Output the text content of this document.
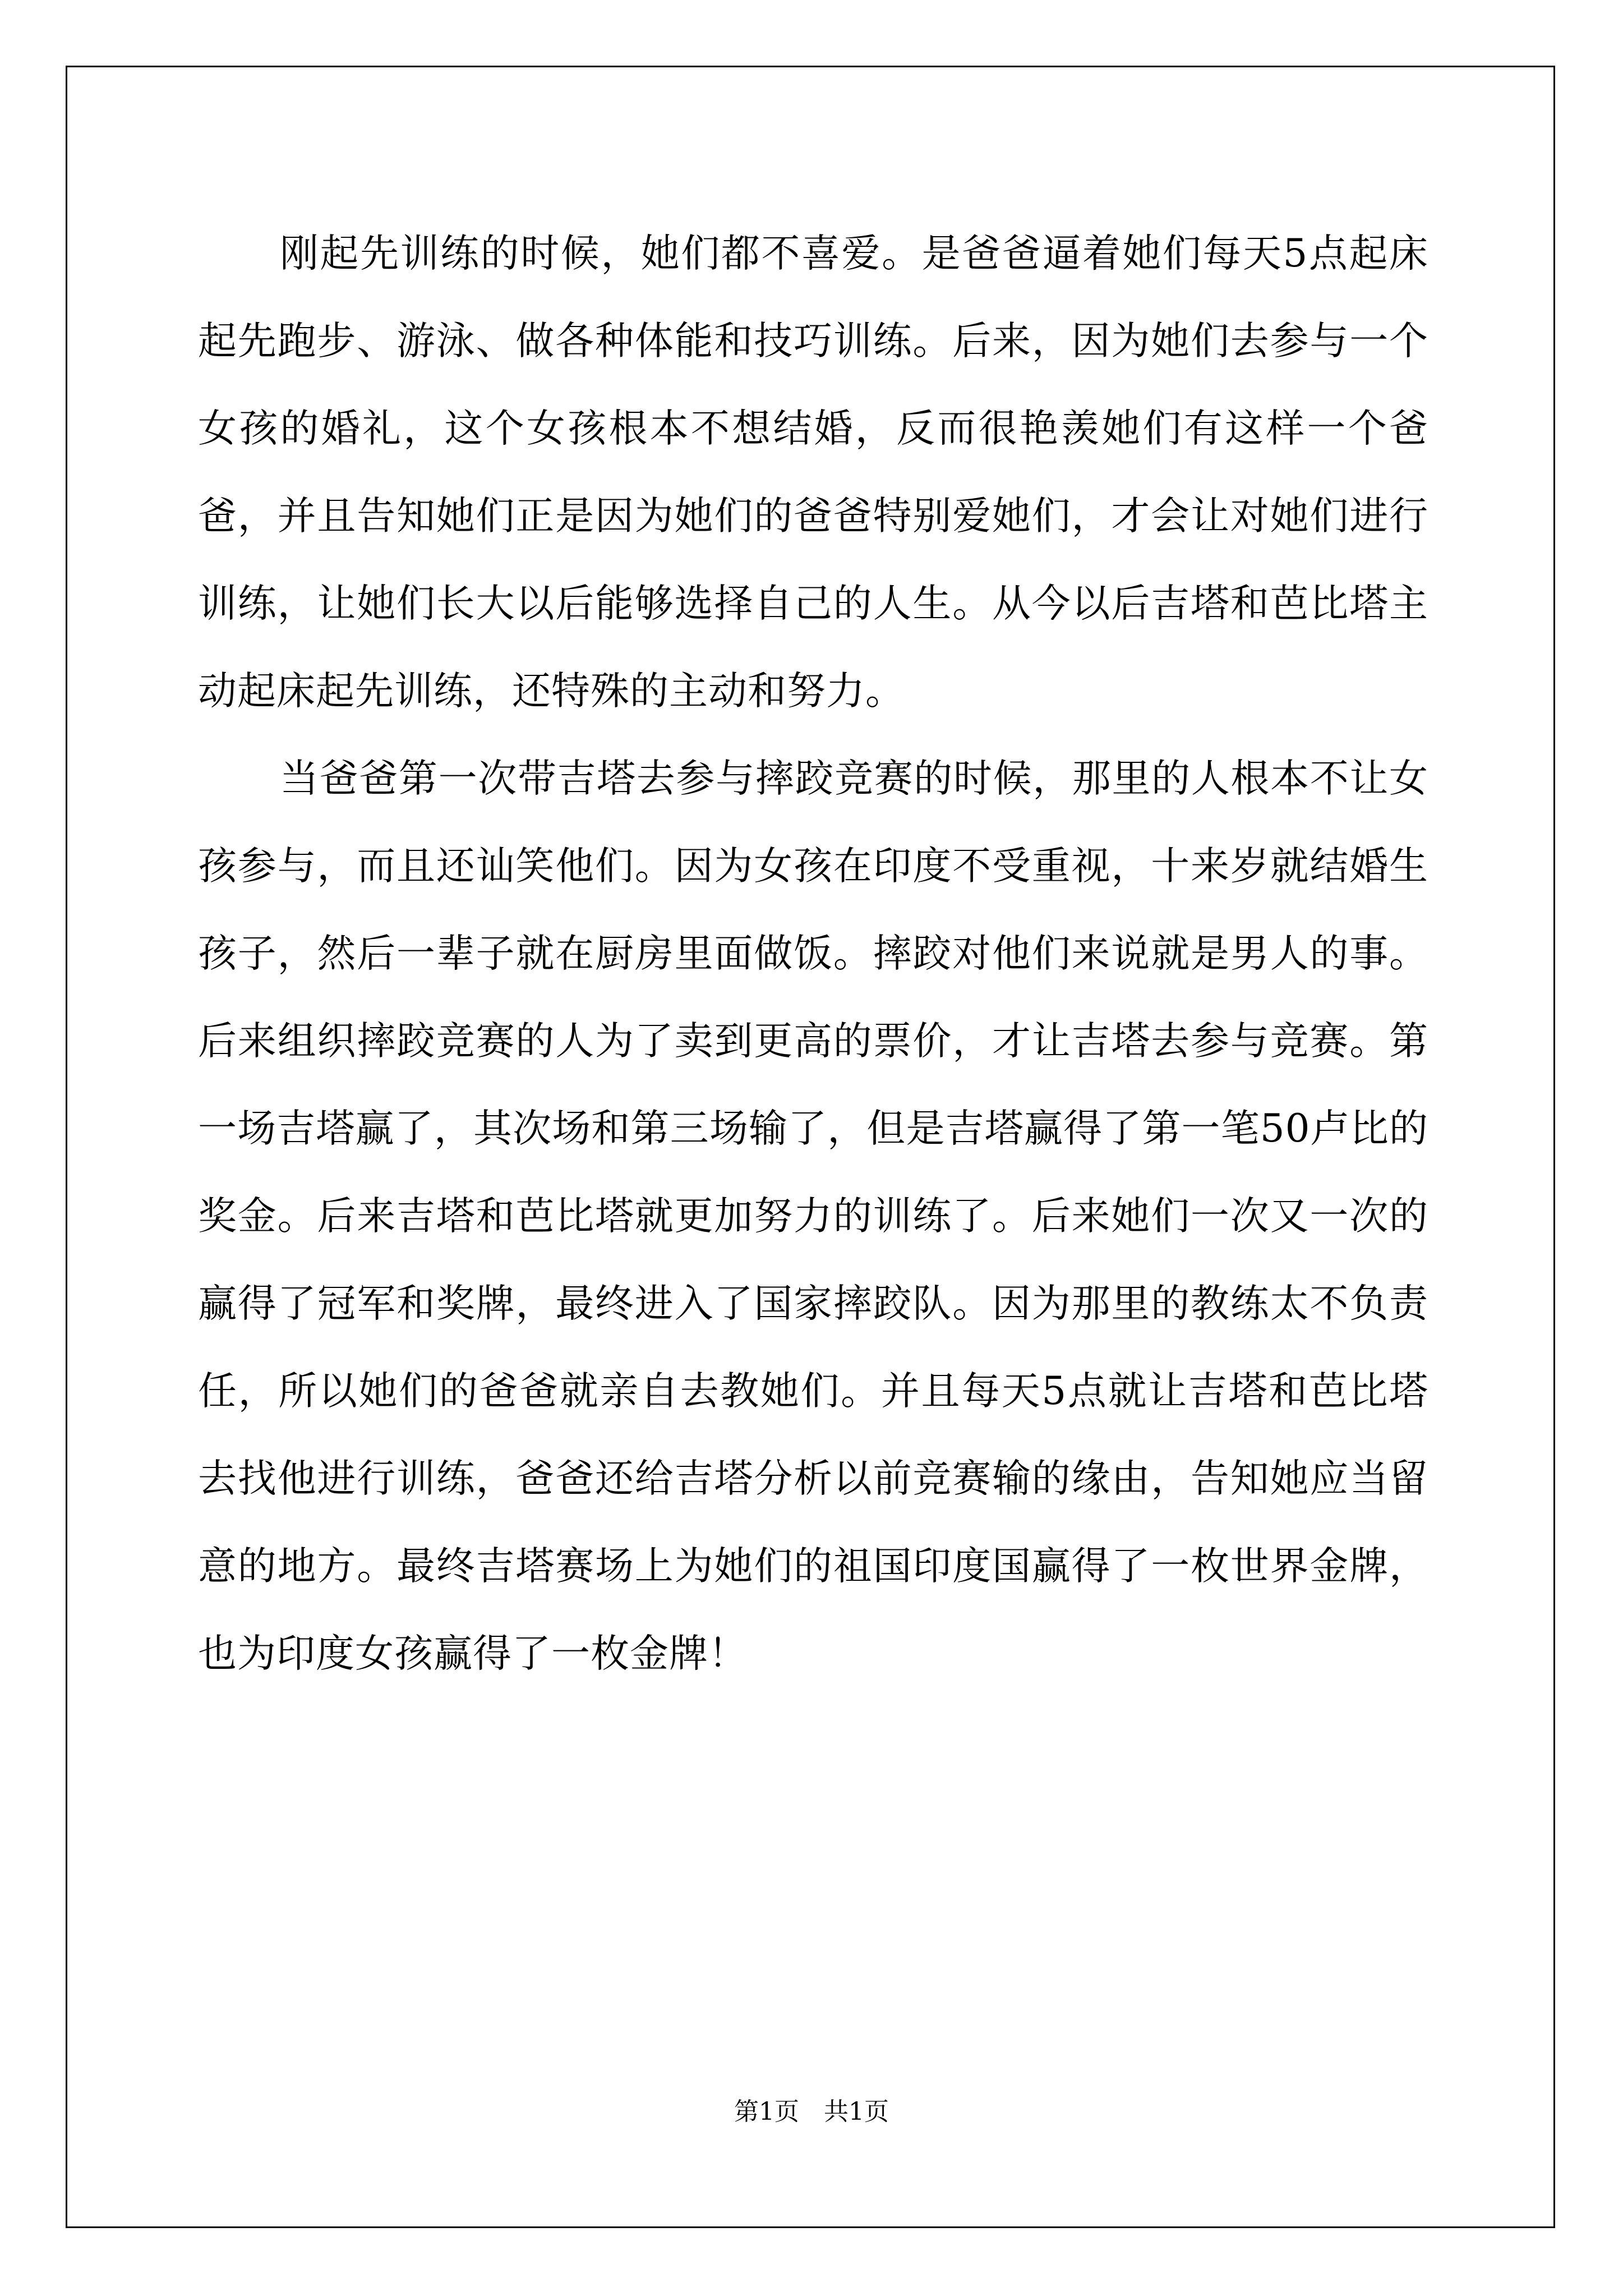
刚起先训练的时候，她们都不喜爱。是爸爸逼着她们每天5点起床起先跑步、游泳、做各种体能和技巧训练。后来，因为她们去参与一个女孩的婚礼，这个女孩根本不想结婚，反而很艳羡她们有这样一个爸爸，并且告知她们正是因为她们的爸爸特别爱她们，才会让对她们进行训练，让她们长大以后能够选择自己的人生。从今以后吉塔和芭比塔主动起床起先训练，还特殊的主动和努力。

当爸爸第一次带吉塔去参与摔跤竞赛的时候，那里的人根本不让女孩参与，而且还讪笑他们。因为女孩在印度不受重视，十来岁就结婚生孩子，然后一辈子就在厨房里面做饭。摔跤对他们来说就是男人的事。后来组织摔跤竞赛的人为了卖到更高的票价，才让吉塔去参与竞赛。第一场吉塔赢了，其次场和第三场输了，但是吉塔赢得了第一笔50卢比的奖金。后来吉塔和芭比塔就更加努力的训练了。后来她们一次又一次的赢得了冠军和奖牌，最终进入了国家摔跤队。因为那里的教练太不负责任，所以她们的爸爸就亲自去教她们。并且每天5点就让吉塔和芭比塔去找他进行训练，爸爸还给吉塔分析以前竞赛输的缘由，告知她应当留意的地方。最终吉塔赛场上为她们的祖国印度国赢得了一枚世界金牌，也为印度女孩赢得了一枚金牌！

第1页　共1页
